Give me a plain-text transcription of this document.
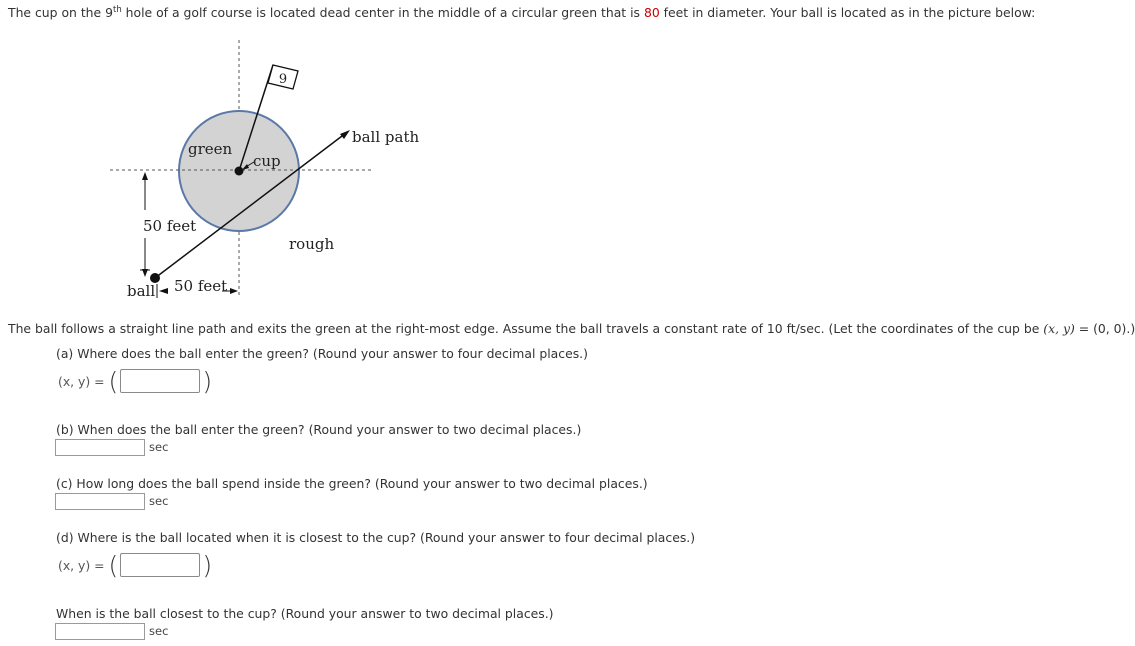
The cup on the 9th hole of a golf course is located dead center in the middle of a circular green that is 80 feet in diameter. Your ball is located as in the picture below:
9
ball path
cup
green
50 feet
rough
ball 50 feet
The ball follows a straight line path and exits the green at the right-most edge. Assume the ball travels a constant rate of 10 ft/sec. (Let the coordinates of the cup be (x, y) = (0, 0).)
(a) Where does the ball enter the green? (Round your answer to four decimal places.)
(x, y) = (	)
(b) When does the ball enter the green? (Round your answer to two decimal places.)
sec
(c) How long does the ball spend inside the green? (Round your answer to two decimal places.)
sec
(d) Where is the ball located when it is closest to the cup? (Round your answer to four decimal places.)
(x, y) = (	)
When is the ball closest to the cup? (Round your answer to two decimal places.)
sec
